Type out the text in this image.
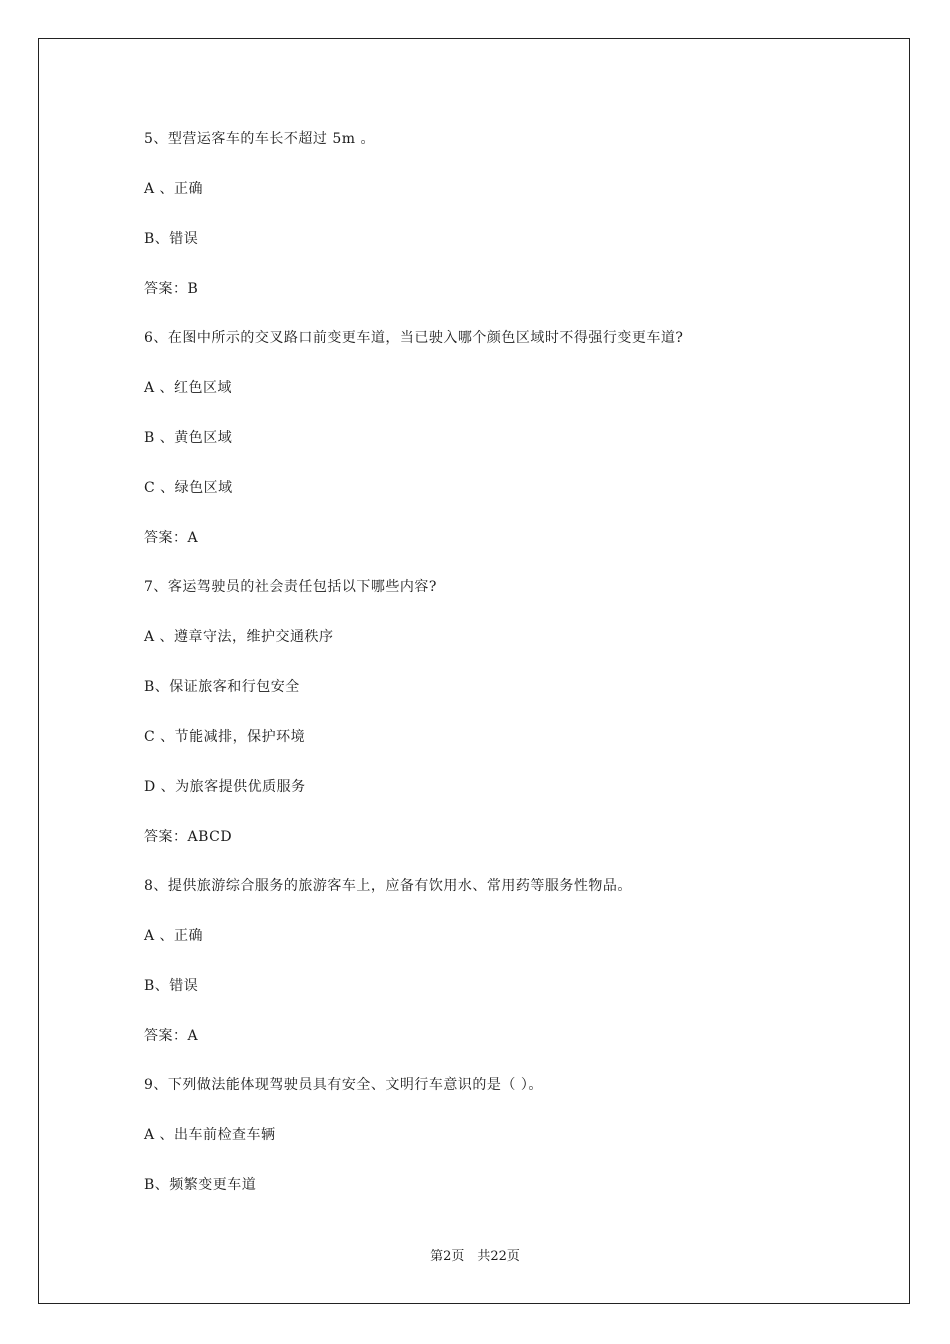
5、型营运客车的车长不超过 5m 。
A 、正确
B、错误
答案：B
6、在图中所示的交叉路口前变更车道，当已驶入哪个颜色区域时不得强行变更车道?
A 、红色区域
B 、黄色区域
C 、绿色区域
答案：A
7、客运驾驶员的社会责任包括以下哪些内容?
A 、遵章守法，维护交通秩序
B、保证旅客和行包安全
C 、节能减排，保护环境
D 、为旅客提供优质服务
答案：ABCD
8、提供旅游综合服务的旅游客车上，应备有饮用水、常用药等服务性物品。
A 、正确
B、错误
答案：A
9、下列做法能体现驾驶员具有安全、文明行车意识的是（ ）。
A 、出车前检查车辆
B、频繁变更车道
第2页　共22页
